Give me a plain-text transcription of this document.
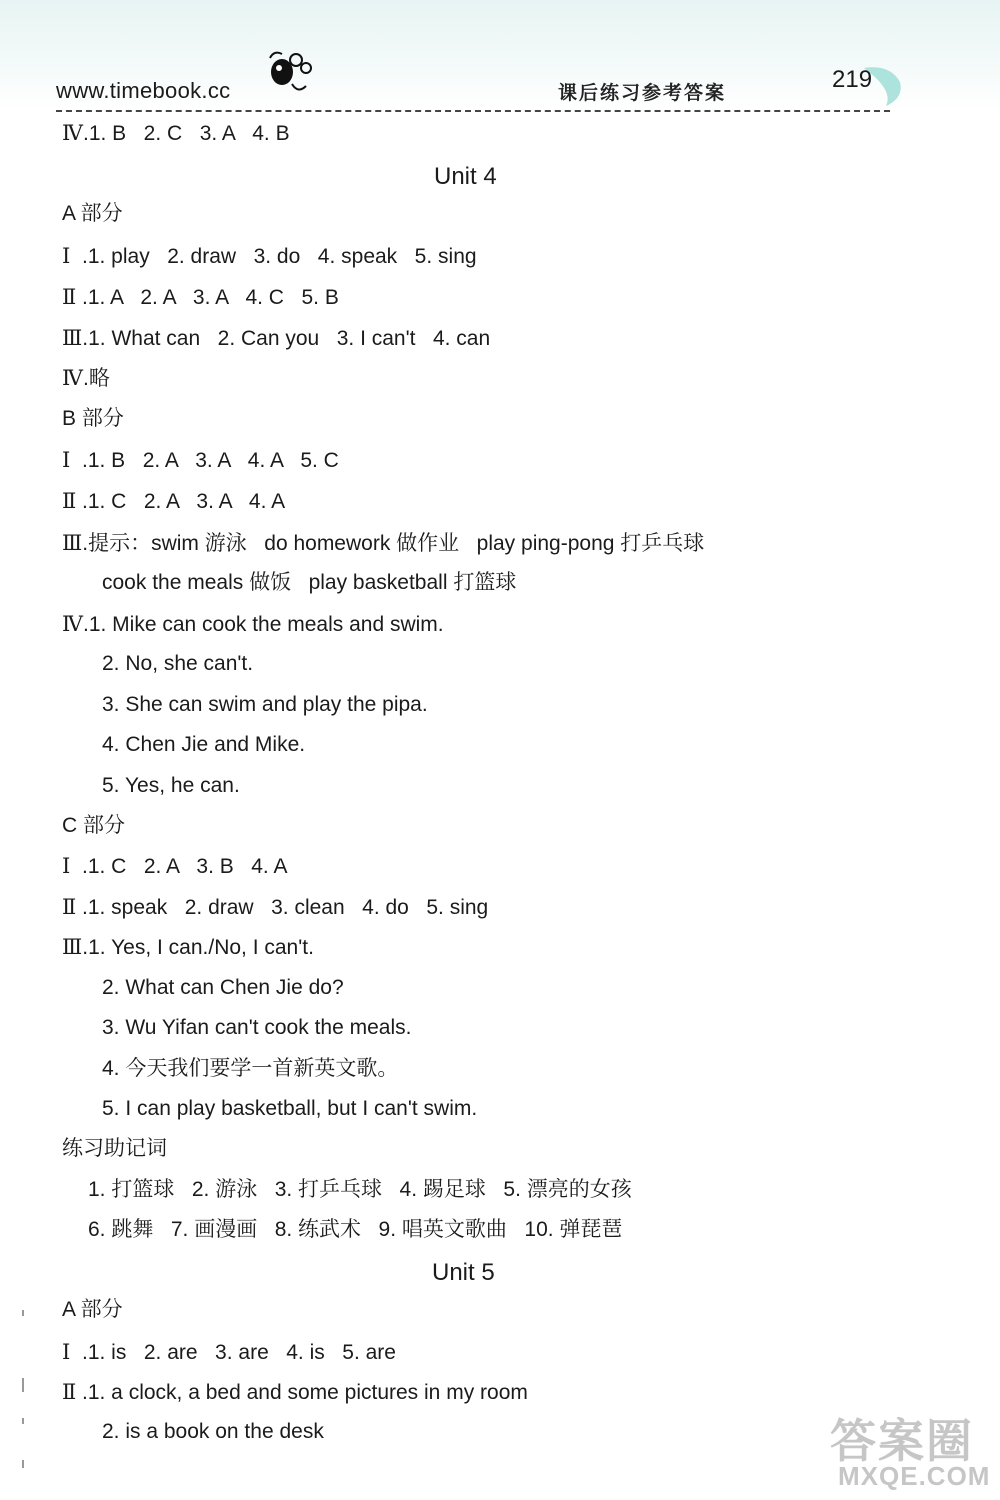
www.timebook.cc	课后练习参考答案
219
Ⅳ.1. B   2. C   3. A   4. B
Unit 4
A 部分
Ⅰ .1. play   2. draw   3. do   4. speak   5. sing
Ⅱ .1. A   2. A   3. A   4. C   5. B
Ⅲ.1. What can   2. Can you   3. I can't   4. can
Ⅳ.略
B 部分
Ⅰ .1. B   2. A   3. A   4. A   5. C
Ⅱ .1. C   2. A   3. A   4. A
Ⅲ.提示：swim 游泳   do homework 做作业   play ping-pong 打乒乓球
cook the meals 做饭   play basketball 打篮球
Ⅳ.1. Mike can cook the meals and swim.
2. No, she can't.
3. She can swim and play the pipa.
4. Chen Jie and Mike.
5. Yes, he can.
C 部分
Ⅰ .1. C   2. A   3. B   4. A
Ⅱ .1. speak   2. draw   3. clean   4. do   5. sing
Ⅲ.1. Yes, I can./No, I can't.
2. What can Chen Jie do?
3. Wu Yifan can't cook the meals.
4. 今天我们要学一首新英文歌。
5. I can play basketball, but I can't swim.
练习助记词
1. 打篮球   2. 游泳   3. 打乒乓球   4. 踢足球   5. 漂亮的女孩
6. 跳舞   7. 画漫画   8. 练武术   9. 唱英文歌曲   10. 弹琵琶
Unit 5
A 部分
Ⅰ .1. is   2. are   3. are   4. is   5. are
Ⅱ .1. a clock, a bed and some pictures in my room
2. is a book on the desk	答案圈
MXQE.COM
